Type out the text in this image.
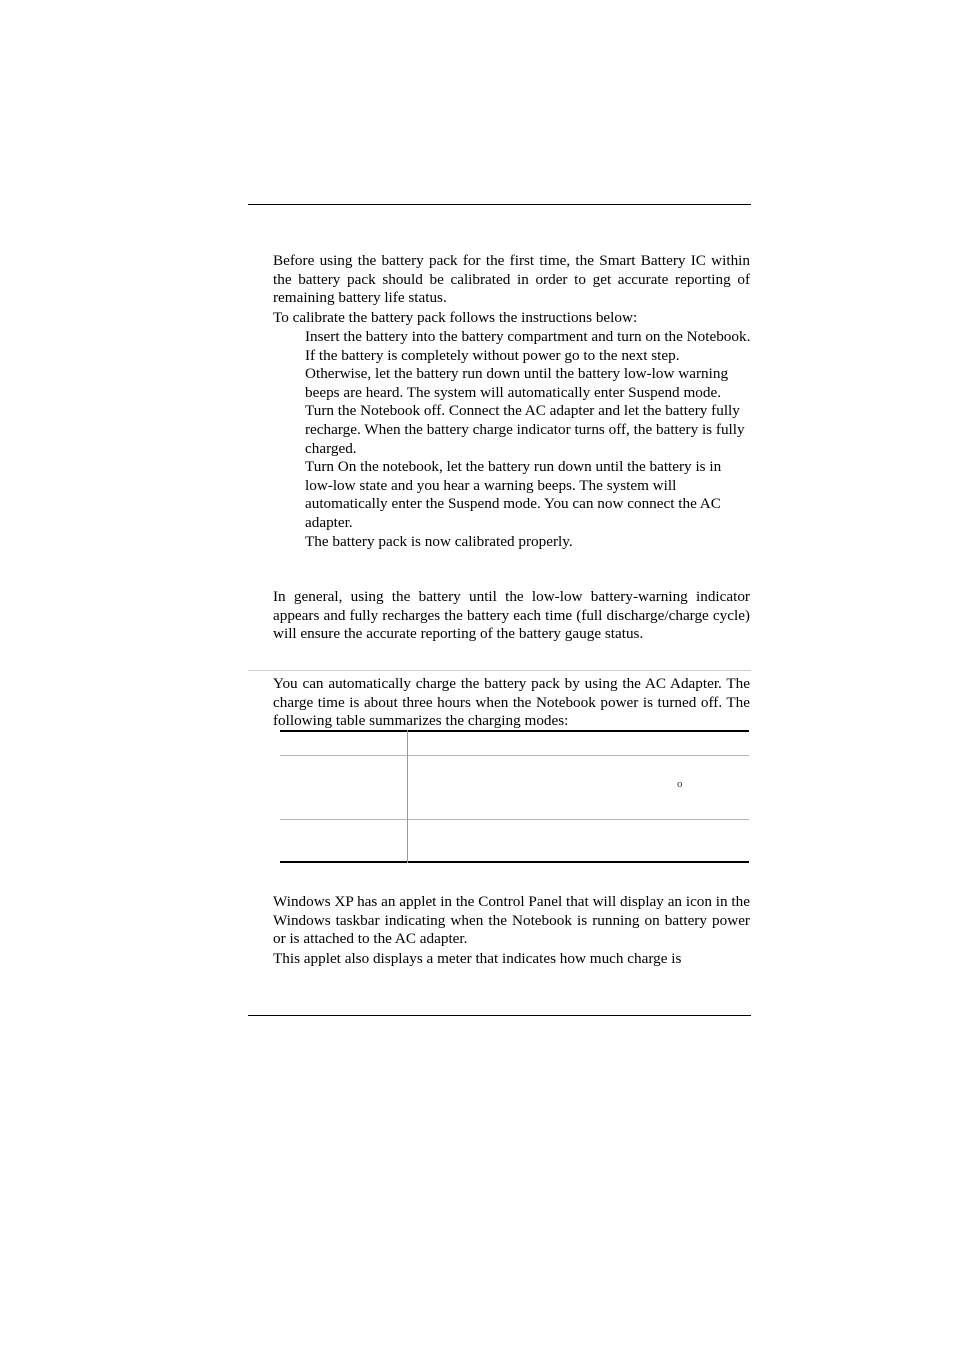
Before using the battery pack for the first time, the Smart Battery IC within the battery pack should be calibrated in order to get accurate reporting of remaining battery life status.
To calibrate the battery pack follows the instructions below:

Insert the battery into the battery compartment and turn on the Notebook. If the battery is completely without power go to the next step.

Otherwise, let the battery run down until the battery low-low warning beeps are heard. The system will automatically enter Suspend mode.

Turn the Notebook off. Connect the AC adapter and let the battery fully recharge. When the battery charge indicator turns off, the battery is fully charged.

Turn On the notebook, let the battery run down until the battery is in low-low state and you hear a warning beeps. The system will automatically enter the Suspend mode. You can now connect the AC adapter.

The battery pack is now calibrated properly.

In general, using the battery until the low-low battery-warning indicator appears and fully recharges the battery each time (full discharge/charge cycle) will ensure the accurate reporting of the battery gauge status.
You can automatically charge the battery pack by using the AC Adapter. The charge time is about three hours when the Notebook power is turned off. The following table summarizes the charging modes:
o
Windows XP has an applet in the Control Panel that will display an icon in the Windows taskbar indicating when the Notebook is running on battery power or is attached to the AC adapter.
This applet also displays a meter that indicates how much charge is
